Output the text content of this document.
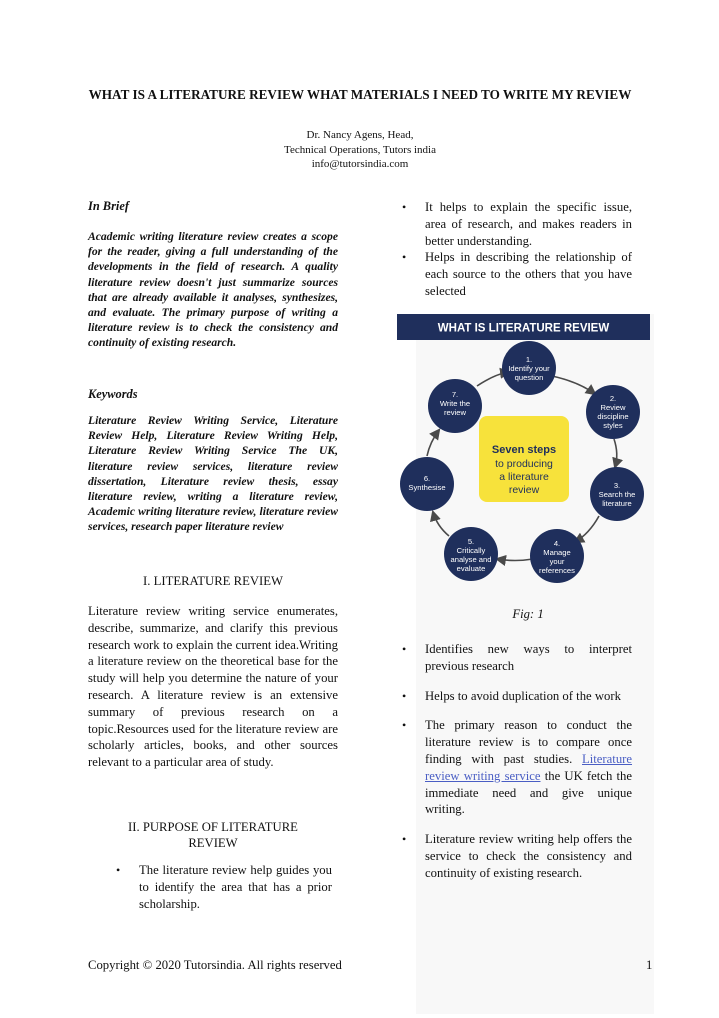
WHAT IS A LITERATURE REVIEW WHAT MATERIALS I NEED TO WRITE MY REVIEW
Dr. Nancy Agens, Head,
Technical Operations, Tutors india
info@tutorsindia.com
In Brief
Academic writing literature review creates a scope for the reader, giving a full understanding of the developments in the field of research. A quality literature review doesn't just summarize sources that are already available it analyses, synthesizes, and evaluate. The primary purpose of writing a literature review is to check the consistency and continuity of existing research.
Keywords
Literature Review Writing Service, Literature Review Help, Literature Review Writing Help, Literature Review Writing Service The UK, literature review services, literature review dissertation, Literature review thesis, essay literature review, writing a literature review, Academic writing literature review, literature review services, research paper literature review
I. LITERATURE REVIEW
Literature review writing service enumerates, describe, summarize, and clarify this previous research work to explain the current idea.Writing a literature review on the theoretical base for the study will help you determine the nature of your research. A literature review is an extensive summary of previous research on a topic.Resources used for the literature review are scholarly articles, books, and other sources relevant to a particular area of study.
II. PURPOSE OF LITERATURE
REVIEW
• The literature review help guides you to identify the area that has a prior scholarship.
• It helps to explain the specific issue, area of research, and makes readers in better understanding.
• Helps in describing the relationship of each source to the others that you have selected
WHAT IS LITERATURE REVIEW
Seven steps
to producing
a literature
review
1.
Identify your
question
2.
Review
discipline
styles
3.
Search the
literature
4.
Manage
your
references
5.
Critically
analyse and
evaluate
6.
Synthesise
7.
Write the
review
Fig: 1
• Identifies new ways to interpret previous research
• Helps to avoid duplication of the work
• The primary reason to conduct the literature review is to compare once finding with past studies. Literature review writing service the UK fetch the immediate need and give unique writing.
• Literature review writing help offers the service to check the consistency and continuity of existing research.
Copyright © 2020 Tutorsindia. All rights reserved	1
